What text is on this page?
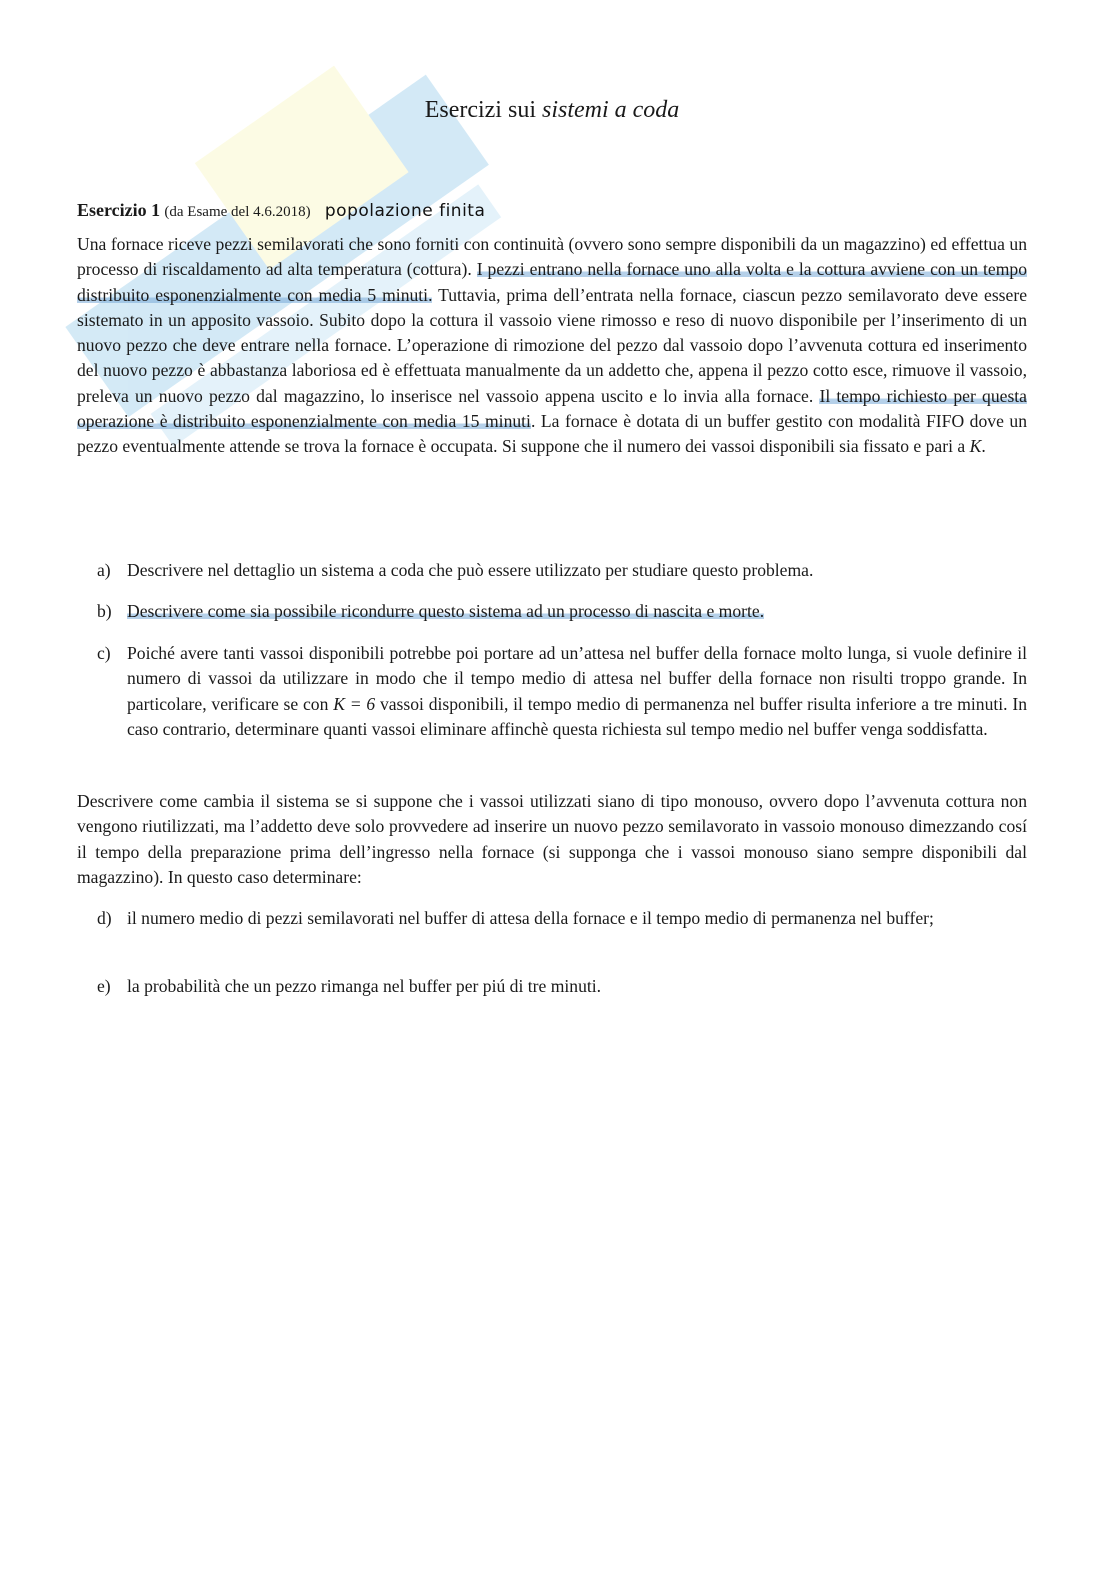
Esercizi sui sistemi a coda
Esercizio 1 (da Esame del 4.6.2018) popolazione finita
Una fornace riceve pezzi semilavorati che sono forniti con continuità (ovvero sono sempre disponibili da un magazzino) ed effettua un processo di riscaldamento ad alta temperatura (cottura). I pezzi entrano nella fornace uno alla volta e la cottura avviene con un tempo distribuito esponenzialmente con media 5 minuti. Tuttavia, prima dell’entrata nella fornace, ciascun pezzo semilavorato deve essere sistemato in un apposito vassoio. Subito dopo la cottura il vassoio viene rimosso e reso di nuovo disponibile per l’inserimento di un nuovo pezzo che deve entrare nella fornace. L’operazione di rimozione del pezzo dal vassoio dopo l’avvenuta cottura ed inserimento del nuovo pezzo è abbastanza laboriosa ed è effettuata manualmente da un addetto che, appena il pezzo cotto esce, rimuove il vassoio, preleva un nuovo pezzo dal magazzino, lo inserisce nel vassoio appena uscito e lo invia alla fornace. Il tempo richiesto per questa operazione è distribuito esponenzialmente con media 15 minuti. La fornace è dotata di un buffer gestito con modalità FIFO dove un pezzo eventualmente attende se trova la fornace è occupata. Si suppone che il numero dei vassoi disponibili sia fissato e pari a K.
a) Descrivere nel dettaglio un sistema a coda che può essere utilizzato per studiare questo problema.
b) Descrivere come sia possibile ricondurre questo sistema ad un processo di nascita e morte.
c) Poiché avere tanti vassoi disponibili potrebbe poi portare ad un’attesa nel buffer della fornace molto lunga, si vuole definire il numero di vassoi da utilizzare in modo che il tempo medio di attesa nel buffer della fornace non risulti troppo grande. In particolare, verificare se con K = 6 vassoi disponibili, il tempo medio di permanenza nel buffer risulta inferiore a tre minuti. In caso contrario, determinare quanti vassoi eliminare affinchè questa richiesta sul tempo medio nel buffer venga soddisfatta.
Descrivere come cambia il sistema se si suppone che i vassoi utilizzati siano di tipo monouso, ovvero dopo l’avvenuta cottura non vengono riutilizzati, ma l’addetto deve solo provvedere ad inserire un nuovo pezzo semilavorato in vassoio monouso dimezzando cosí il tempo della preparazione prima dell’ingresso nella fornace (si supponga che i vassoi monouso siano sempre disponibili dal magazzino). In questo caso determinare:
d) il numero medio di pezzi semilavorati nel buffer di attesa della fornace e il tempo medio di permanenza nel buffer;
e) la probabilità che un pezzo rimanga nel buffer per piú di tre minuti.
